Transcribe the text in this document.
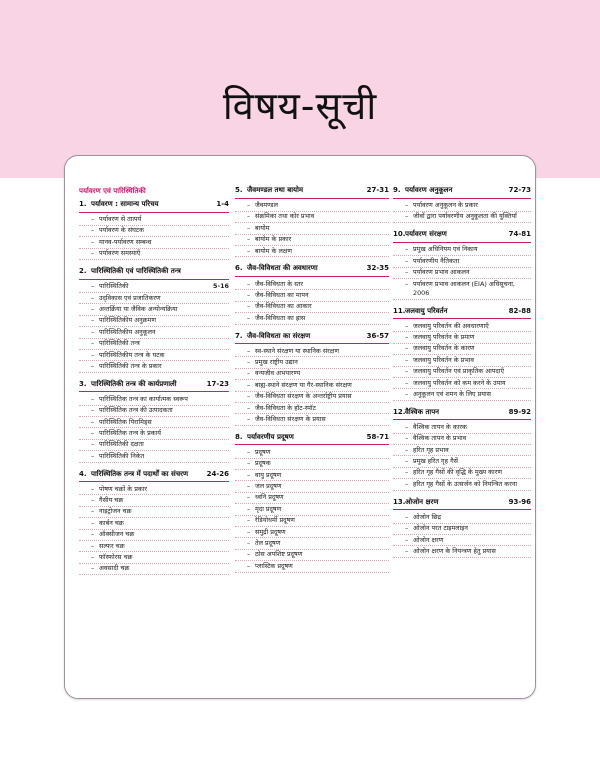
विषय-सूची
पर्यावरण एवं पारिस्थितिकी
1. पर्यावरण : सामान्य परिचय	1-4
– पर्यावरण से तात्पर्य
– पर्यावरण के संघटक
– मानव-पर्यावरण सम्बन्ध
– पर्यावरण समस्याएँ
2. पारिस्थितिकी एवं पारिस्थितिकी तन्त्र
– पारिस्थितिकी	5-16
– उद्‌विकास एवं प्रजातिकरण
– अन्तर्क्रिया या जैविक अन्योन्यक्रिया
– पारिस्थितिकीय अनुक्रमण
– पारिस्थितिकीय अनुकूलन
– पारिस्थितिकी तन्त्र
– पारिस्थितिकीय तन्त्र के घटक
– पारिस्थितिकी तन्त्र के प्रकार
3. पारिस्थितिकी तन्त्र की कार्यप्रणाली	17-23
– पारिस्थितिक तन्त्र का कार्यात्मक स्वरूप
– पारिस्थितिक तन्त्र की उत्पादकता
– पारिस्थितिक पिरामिड्स
– पारिस्थितिक तन्त्र के प्रकार्य
– पारिस्थितिकी दक्षता
– पारिस्थितिकी निकेत
4. पारिस्थितिक तन्त्र में पदार्थों का संचरण	24-26
– पोषण चक्रों के प्रकार
– गैसीय चक्र
– नाइट्रोजन चक्र
– कार्बन चक्र
– ऑक्सीजन चक्र
– सल्फर चक्र
– फॉस्फोरस चक्र
– अवसादी चक्र
5. जैवमण्डल तथा बायोम	27-31
– जैवमण्डल
– संक्रमिका तथा कोर प्रभाव
– बायोम
– बायोम के प्रकार
– बायोम के लक्षण
6. जैव-विविधता की अवधारणा	32-35
– जैव-विविधता के स्तर
– जैव-विविधता का मापन
– जैव-विविधता का आकार
– जैव-विविधता का ह्रास
7. जैव-विविधता का संरक्षण	36-57
– स्व-स्थाने संरक्षण या स्थानिक संरक्षण
– प्रमुख राष्ट्रीय उद्यान
– वन्यजीव अभयारण्य
– बाह्य-स्थाने संरक्षण या गैर-स्थानिक संरक्षण
– जैव-विविधता संरक्षण के अन्तर्राष्ट्रीय प्रयास
– जैव-विविधता के हॉट-स्पॉट
– जैव-विविधता संरक्षण के प्रयास
8. पर्यावरणीय प्रदूषण	58-71
– प्रदूषण
– प्रदूषक
– वायु प्रदूषण
– जल प्रदूषण
– ध्वनि प्रदूषण
– मृदा प्रदूषण
– रेडियोधर्मी प्रदूषण
– समुद्री प्रदूषण
– तेल प्रदूषण
– ठोस अपशिष्ट प्रदूषण
– प्लास्टिक प्रदूषण
9. पर्यावरण अनुकूलन	72-73
– पर्यावरण अनुकूलन के प्रकार
– जीवों द्वारा पर्यावरणीय अनुकूलता की युक्तियाँ
10. पर्यावरण संरक्षण	74-81
– प्रमुख अधिनियम एवं निकाय
– पर्यावरणीय नैतिकता
– पर्यावरण प्रभाव आकलन
– पर्यावरण प्रभाव आकलन (EIA) अधिसूचना, 2006
11. जलवायु परिवर्तन	82-88
– जलवायु परिवर्तन की अवधारणाएँ
– जलवायु परिवर्तन के प्रमाण
– जलवायु परिवर्तन के कारण
– जलवायु परिवर्तन के प्रभाव
– जलवायु परिवर्तन एवं प्राकृतिक आपदाएँ
– जलवायु परिवर्तन को कम करने के उपाय
– अनुकूलन एवं शमन के लिए प्रयास
12. वैश्विक तापन	89-92
– वैश्विक तापन के कारक
– वैश्विक तापन के प्रभाव
– हरित गृह प्रभाव
– प्रमुख हरित गृह गैसें
– हरित गृह गैसों की वृद्धि के मुख्य कारण
– हरित गृह गैसों के उत्सर्जन को नियन्त्रित करना
13. ओजोन क्षरण	93-96
– ओजोन छिद्र
– ओजोन परत टाइमलाइन
– ओजोन क्षरण
– ओजोन क्षरण के नियन्त्रण हेतु प्रयास
